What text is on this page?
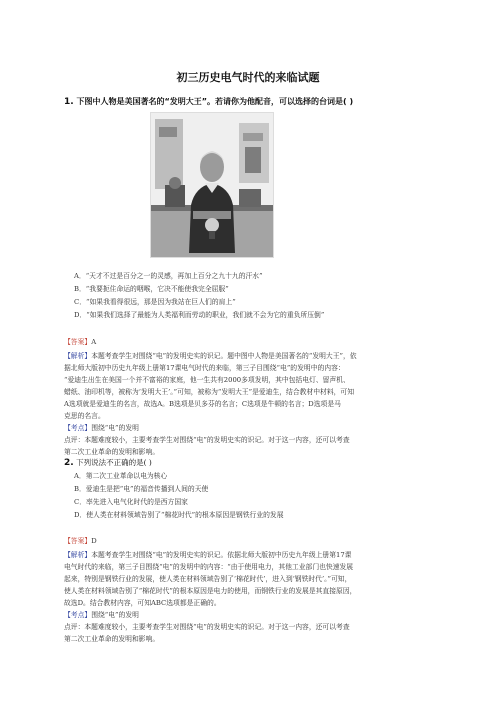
初三历史电气时代的来临试题
1. 下图中人物是美国著名的“发明大王”。若请你为他配音，可以选择的台词是( )
A．“天才不过是百分之一的灵感，再加上百分之九十九的汗水”
B．“我要扼住命运的咽喉，它决不能使我完全屈服”
C．“如果我看得很远，那是因为我站在巨人们的肩上”
D．“如果我们选择了最能为人类福利而劳动的职业，我们就不会为它的重负所压倒”
【答案】A
【解析】本题考查学生对围绕“电”的发明史实的识记。题中图中人物是美国著名的“发明大王”，依
据北师大版初中历史九年级上册第17课电气时代的来临，第三子目围绕“电”的发明中的内容：
“爱迪生出生在美国一个并不富裕的家庭，他一生共有2000多项发明，其中包括电灯、留声机、
蜡纸、油印机等，被称为‘发明大王’。”可知，被称为“发明大王”是爱迪生，结合教材中材料，可知
A选项就是爱迪生的名言，故选A。B选项是贝多芬的名言；C选项是牛顿的名言；D选项是马
克思的名言。
【考点】围绕“电”的发明
点评：本题难度较小，主要考查学生对围绕“电”的发明史实的识记。对于这一内容，还可以考查
第二次工业革命的发明和影响。
2. 下列说法不正确的是( )
A．第二次工业革命以电为核心
B．爱迪生是把“电”的福音传播到人间的天使
C．率先进入电气化时代的是西方国家
D．使人类在材料领域告别了“棉花时代”的根本原因是钢铁行业的发展
【答案】D
【解析】本题考查学生对围绕“电”的发明史实的识记。依据北师大版初中历史九年级上册第17课
电气时代的来临，第三子目围绕“电”的发明中的内容：“由于使用电力，其他工业部门也快速发展
起来，特别是钢铁行业的发展，使人类在材料领域告别了‘棉花时代’，进入到‘钢铁时代’。”可知，
使人类在材料领域告别了“棉花时代”的根本原因是电力的使用，而钢铁行业的发展是其直接原因，
故选D。结合教材内容，可知ABC选项都是正确的。
【考点】围绕“电”的发明
点评：本题难度较小，主要考查学生对围绕“电”的发明史实的识记。对于这一内容，还可以考查
第二次工业革命的发明和影响。
